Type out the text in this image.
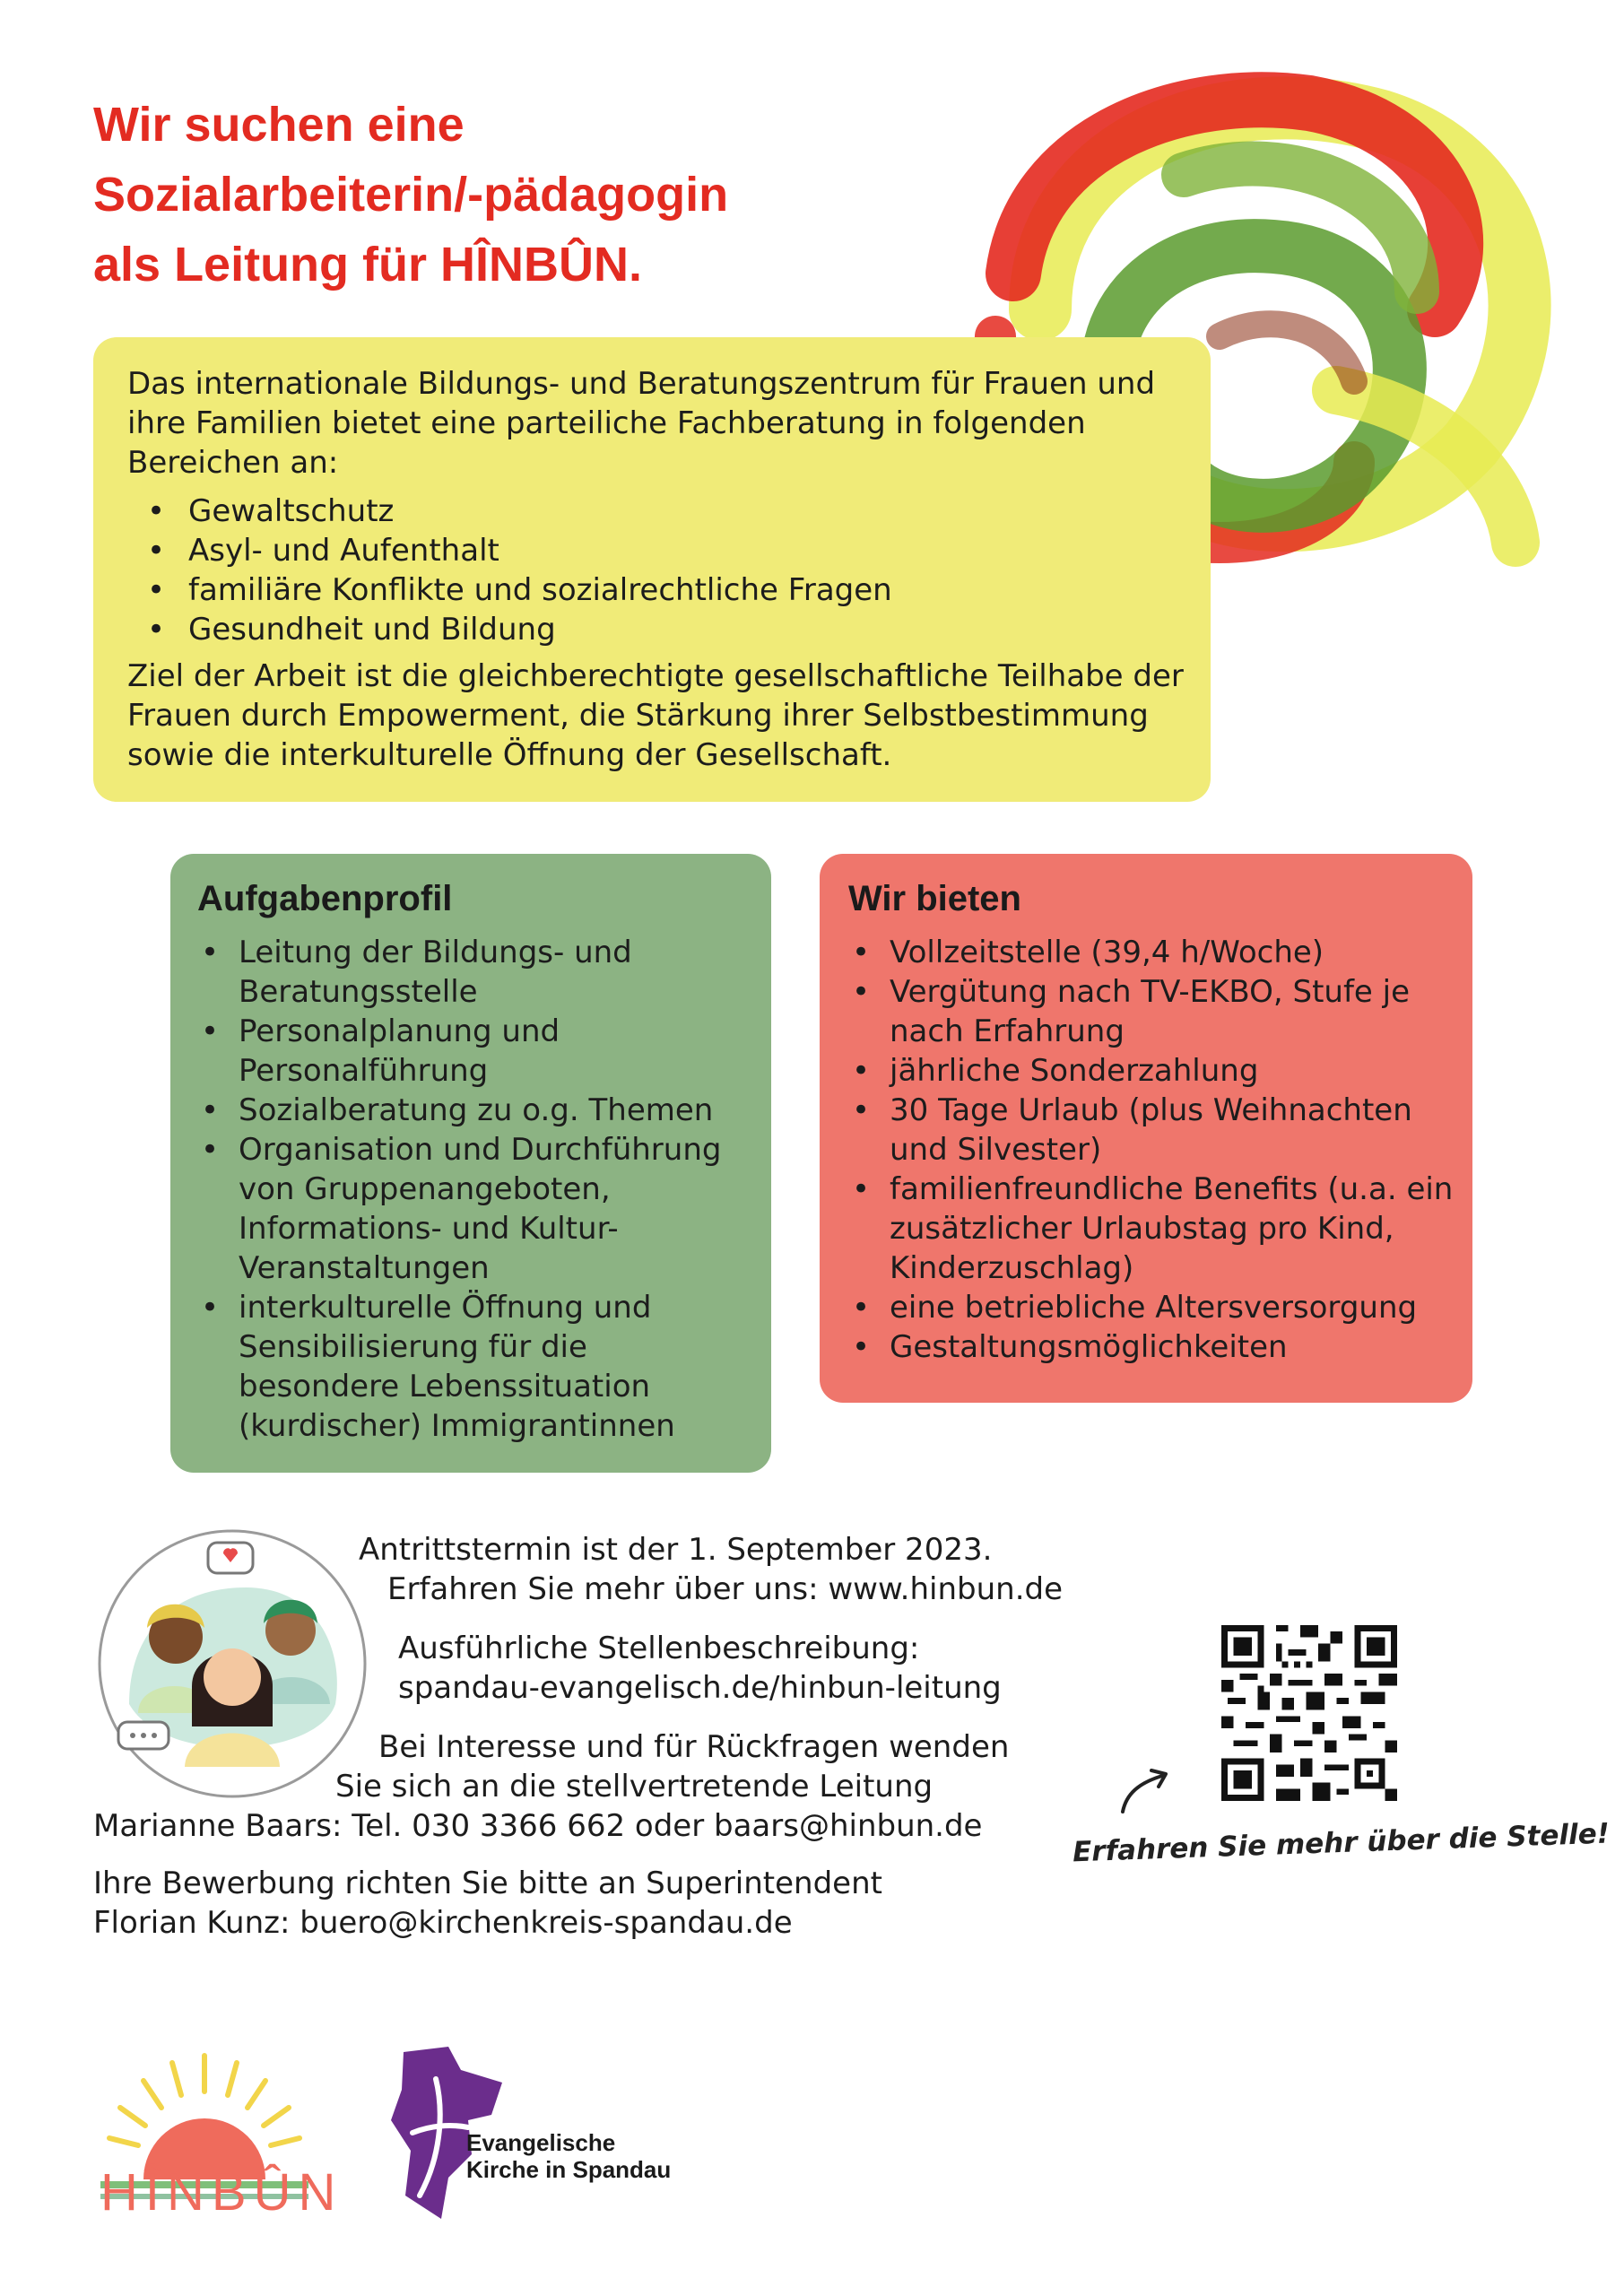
Wir suchen eine
Sozialarbeiterin/-pädagogin
als Leitung für HÎNBÛN.

Das internationale Bildungs- und Beratungszentrum für Frauen und ihre Familien bietet eine parteiliche Fachberatung in folgenden Bereichen an:

• Gewaltschutz
• Asyl- und Aufenthalt
• familiäre Konflikte und sozialrechtliche Fragen
• Gesundheit und Bildung

Ziel der Arbeit ist die gleichberechtigte gesellschaftliche Teilhabe der Frauen durch Empowerment, die Stärkung ihrer Selbstbestimmung sowie die interkulturelle Öffnung der Gesellschaft.

Aufgabenprofil
• Leitung der Bildungs- und Beratungsstelle
• Personalplanung und Personalführung
• Sozialberatung zu o.g. Themen
• Organisation und Durchführung von Gruppenangeboten, Informations- und Kultur-Veranstaltungen
• interkulturelle Öffnung und Sensibilisierung für die besondere Lebenssituation (kurdischer) Immigrantinnen
Wir bieten
• Vollzeitstelle (39,4 h/Woche)
• Vergütung nach TV-EKBO, Stufe je nach Erfahrung
• jährliche Sonderzahlung
• 30 Tage Urlaub (plus Weihnachten und Silvester)
• familienfreundliche Benefits (u.a. ein zusätzlicher Urlaubstag pro Kind, Kinderzuschlag)
• eine betriebliche Altersversorgung
• Gestaltungsmöglichkeiten

Antrittstermin ist der 1. September 2023.

Erfahren Sie mehr über uns: www.hinbun.de

Ausführliche Stellenbeschreibung:

spandau-evangelisch.de/hinbun-leitung

Bei Interesse und für Rückfragen wenden

Sie sich an die stellvertretende Leitung

Marianne Baars: Tel. 030 3366 662 oder baars@hinbun.de

Ihre Bewerbung richten Sie bitte an Superintendent

Florian Kunz: buero@kirchenkreis-spandau.de

Erfahren Sie mehr über die Stelle!

HÎNBÛN

Evangelische
Kirche in Spandau
